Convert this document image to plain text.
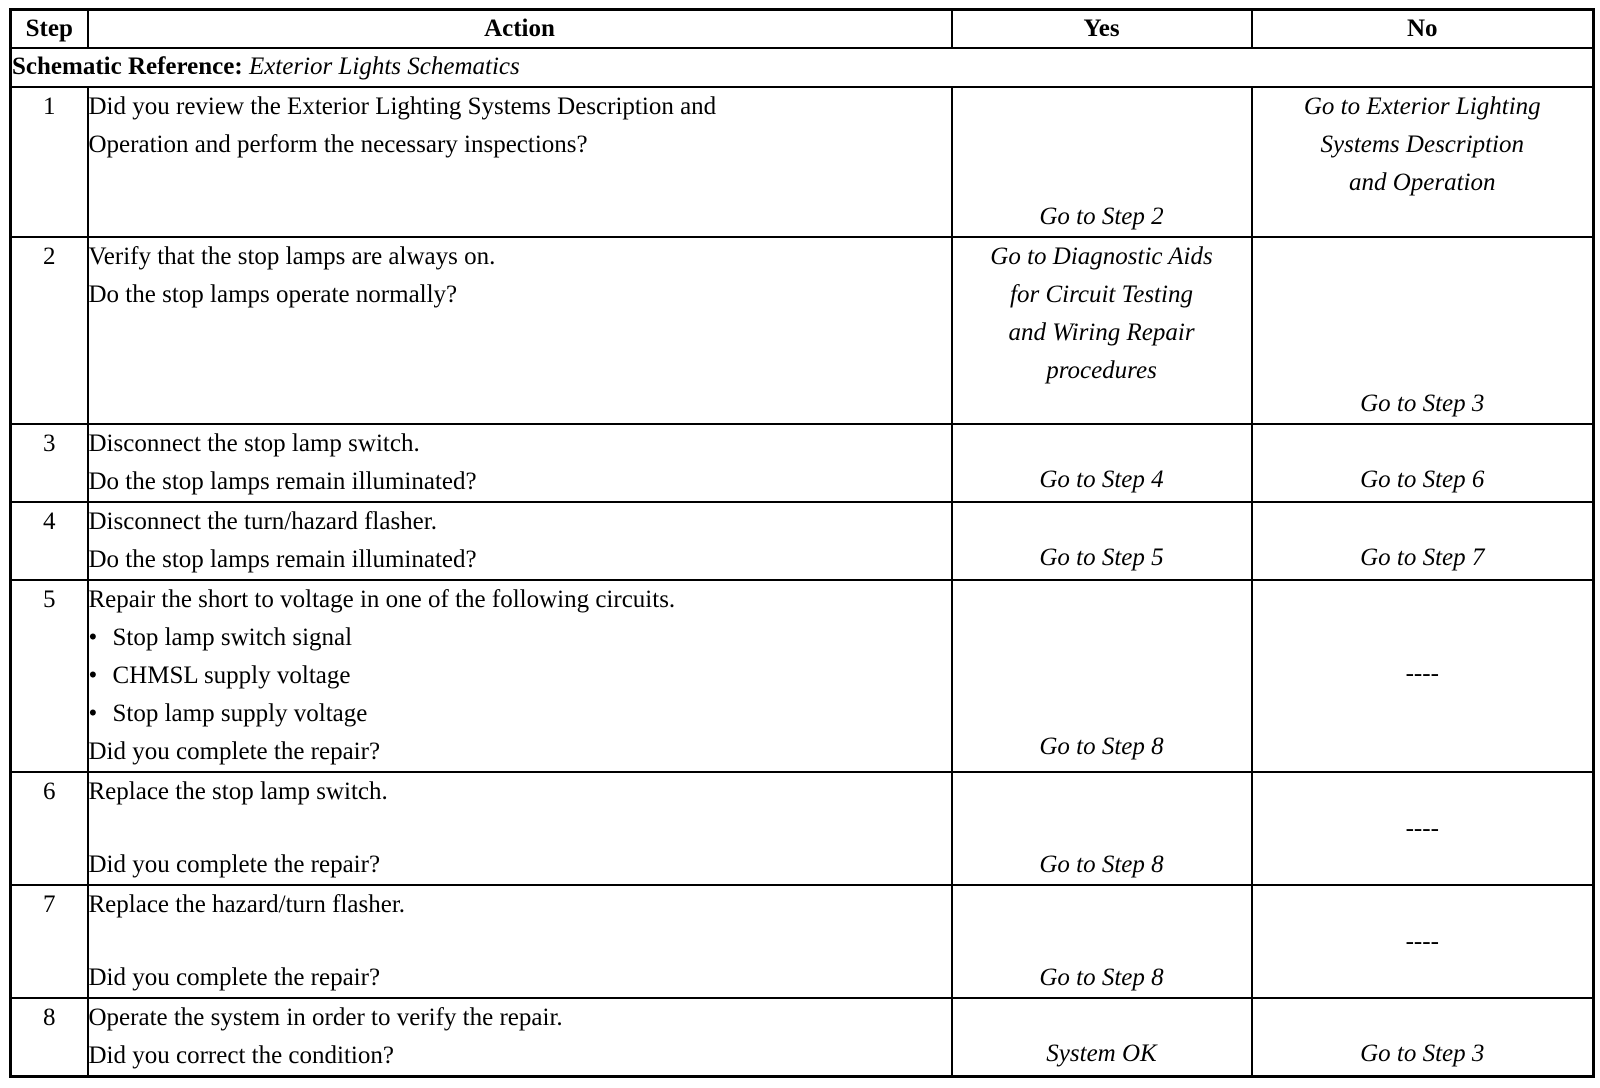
Step	Action	Yes	No
Schematic Reference: Exterior Lights Schematics			
1	Did you review the Exterior Lighting Systems Description and
Operation and perform the necessary inspections?	Go to Step 2	Go to Exterior Lighting
Systems Description
and Operation

2	Verify that the stop lamps are always on.
Do the stop lamps operate normally?	Go to Diagnostic Aids
for Circuit Testing
and Wiring Repair
procedures	Go to Step 3

3	Disconnect the stop lamp switch.
Do the stop lamps remain illuminated?	Go to Step 4	Go to Step 6

4	Disconnect the turn/hazard flasher.
Do the stop lamps remain illuminated?	Go to Step 5	Go to Step 7

5	Repair the short to voltage in one of the following circuits.
• Stop lamp switch signal
• CHMSL supply voltage
• Stop lamp supply voltage
Did you complete the repair?	Go to Step 8	----

6	Replace the stop lamp switch.
Did you complete the repair?	Go to Step 8	----

7	Replace the hazard/turn flasher.
Did you complete the repair?	Go to Step 8	----

8	Operate the system in order to verify the repair.
Did you correct the condition?	System OK	Go to Step 3
